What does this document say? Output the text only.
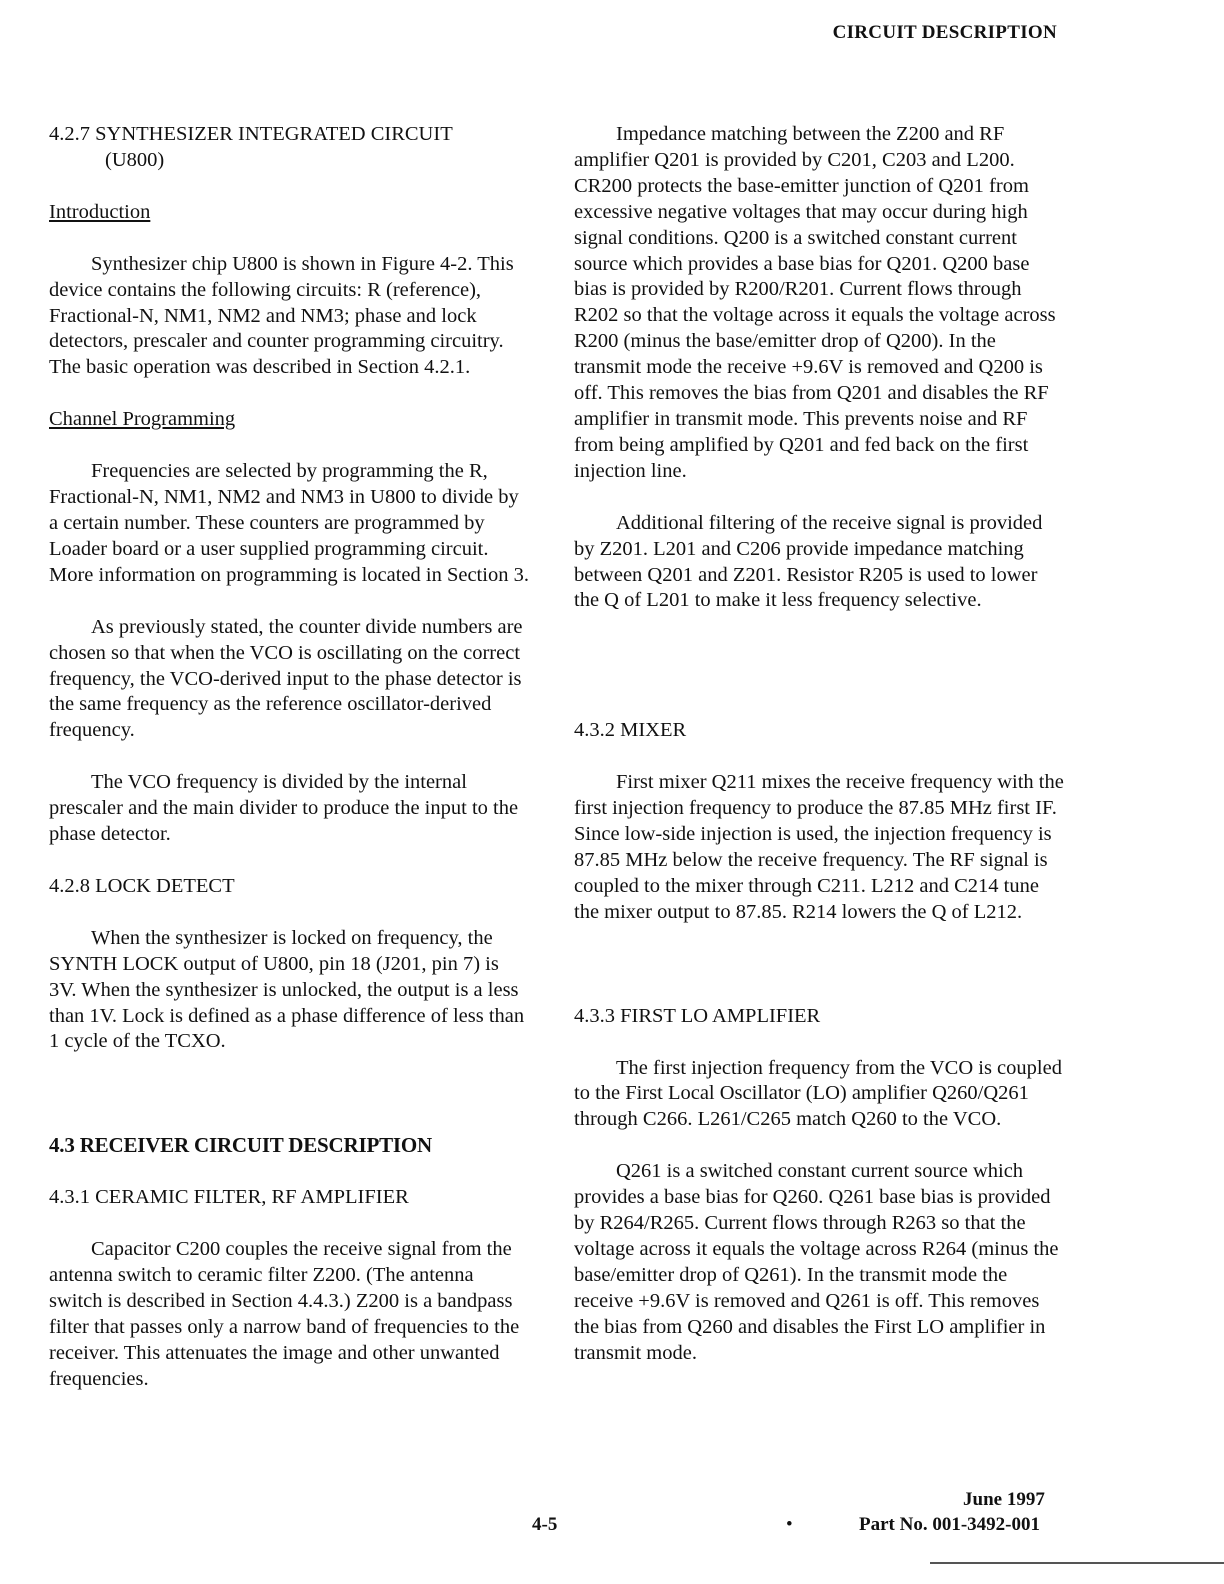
CIRCUIT DESCRIPTION
4.2.7 SYNTHESIZER INTEGRATED CIRCUIT
(U800)
Introduction

Synthesizer chip U800 is shown in Figure 4-2. This device contains the following circuits: R (reference), Fractional-N, NM1, NM2 and NM3; phase and lock detectors, prescaler and counter programming circuitry. The basic operation was described in Section 4.2.1.

Channel Programming

Frequencies are selected by programming the R, Fractional-N, NM1, NM2 and NM3 in U800 to divide by a certain number. These counters are programmed by Loader board or a user supplied programming circuit. More information on programming is located in Section 3.

As previously stated, the counter divide numbers are chosen so that when the VCO is oscillating on the correct frequency, the VCO-derived input to the phase detector is the same frequency as the reference oscillator-derived frequency.

The VCO frequency is divided by the internal prescaler and the main divider to produce the input to the phase detector.

4.2.8 LOCK DETECT

When the synthesizer is locked on frequency, the SYNTH LOCK output of U800, pin 18 (J201, pin 7) is 3V. When the synthesizer is unlocked, the output is a less than 1V. Lock is defined as a phase difference of less than 1 cycle of the TCXO.

4.3 RECEIVER CIRCUIT DESCRIPTION
4.3.1 CERAMIC FILTER, RF AMPLIFIER

Capacitor C200 couples the receive signal from the antenna switch to ceramic filter Z200. (The antenna switch is described in Section 4.4.3.) Z200 is a bandpass filter that passes only a narrow band of frequencies to the receiver. This attenuates the image and other unwanted frequencies.

Impedance matching between the Z200 and RF amplifier Q201 is provided by C201, C203 and L200. CR200 protects the base-emitter junction of Q201 from excessive negative voltages that may occur during high signal conditions. Q200 is a switched constant current source which provides a base bias for Q201. Q200 base bias is provided by R200/R201. Current flows through R202 so that the voltage across it equals the voltage across R200 (minus the base/emitter drop of Q200). In the transmit mode the receive +9.6V is removed and Q200 is off. This removes the bias from Q201 and disables the RF amplifier in transmit mode. This prevents noise and RF from being amplified by Q201 and fed back on the first injection line.

Additional filtering of the receive signal is provided by Z201. L201 and C206 provide impedance matching between Q201 and Z201. Resistor R205 is used to lower the Q of L201 to make it less frequency selective.

4.3.2 MIXER

First mixer Q211 mixes the receive frequency with the first injection frequency to produce the 87.85 MHz first IF. Since low-side injection is used, the injection frequency is 87.85 MHz below the receive frequency. The RF signal is coupled to the mixer through C211. L212 and C214 tune the mixer output to 87.85. R214 lowers the Q of L212.

4.3.3 FIRST LO AMPLIFIER

The first injection frequency from the VCO is coupled to the First Local Oscillator (LO) amplifier Q260/Q261 through C266. L261/C265 match Q260 to the VCO.

Q261 is a switched constant current source which provides a base bias for Q260. Q261 base bias is provided by R264/R265. Current flows through R263 so that the voltage across it equals the voltage across R264 (minus the base/emitter drop of Q261). In the transmit mode the receive +9.6V is removed and Q261 is off. This removes the bias from Q260 and disables the First LO amplifier in transmit mode.

June 1997
4-5	•	Part No. 001-3492-001
